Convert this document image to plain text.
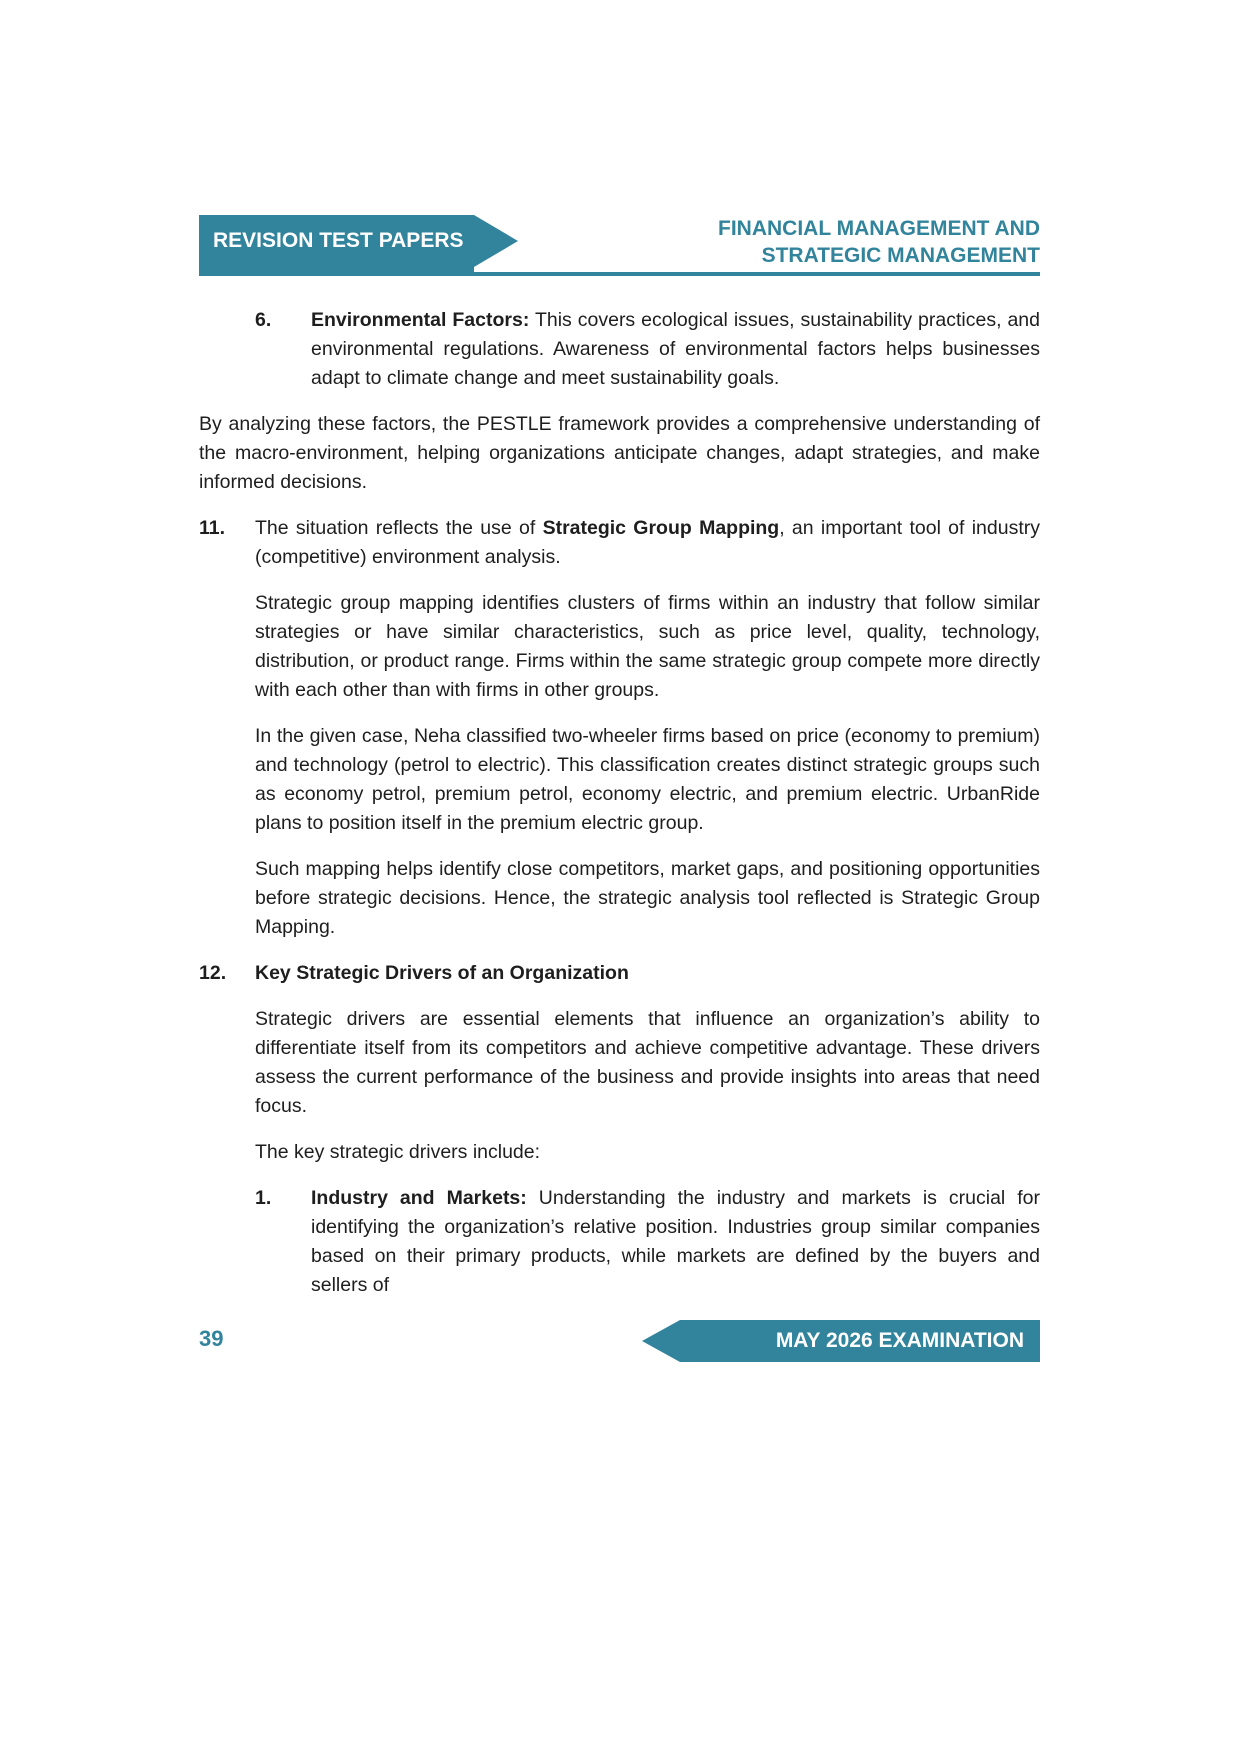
REVISION TEST PAPERS
FINANCIAL MANAGEMENT AND
STRATEGIC MANAGEMENT
6.	Environmental Factors: This covers ecological issues, sustainability practices, and environmental regulations. Awareness of environmental factors helps businesses adapt to climate change and meet sustainability goals.

By analyzing these factors, the PESTLE framework provides a comprehensive understanding of the macro-environment, helping organizations anticipate changes, adapt strategies, and make informed decisions.

11.	The situation reflects the use of Strategic Group Mapping, an important tool of industry (competitive) environment analysis.

Strategic group mapping identifies clusters of firms within an industry that follow similar strategies or have similar characteristics, such as price level, quality, technology, distribution, or product range. Firms within the same strategic group compete more directly with each other than with firms in other groups.

In the given case, Neha classified two-wheeler firms based on price (economy to premium) and technology (petrol to electric). This classification creates distinct strategic groups such as economy petrol, premium petrol, economy electric, and premium electric. UrbanRide plans to position itself in the premium electric group.

Such mapping helps identify close competitors, market gaps, and positioning opportunities before strategic decisions. Hence, the strategic analysis tool reflected is Strategic Group Mapping.

12.	Key Strategic Drivers of an Organization

Strategic drivers are essential elements that influence an organization’s ability to differentiate itself from its competitors and achieve competitive advantage. These drivers assess the current performance of the business and provide insights into areas that need focus.

The key strategic drivers include:

1.	Industry and Markets: Understanding the industry and markets is crucial for identifying the organization’s relative position. Industries group similar companies based on their primary products, while markets are defined by the buyers and sellers of

39	MAY 2026 EXAMINATION
